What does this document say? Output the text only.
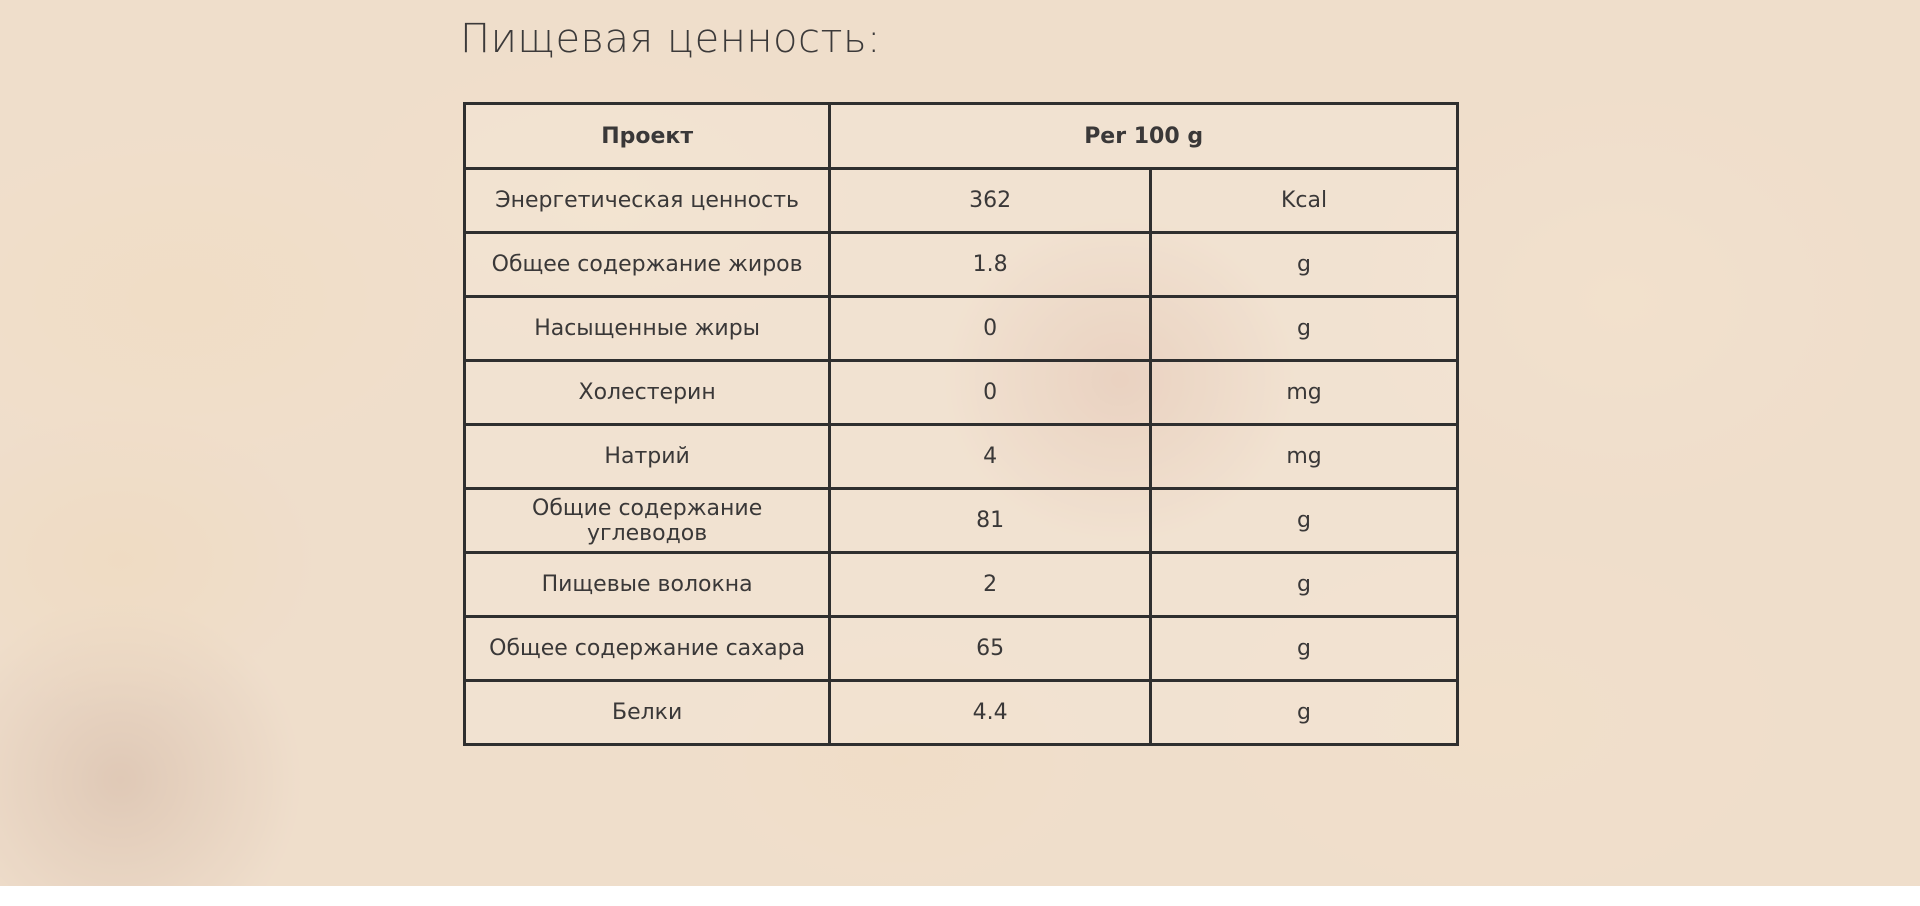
Пищевая ценность:
Проект	Per 100 g	
Энергетическая ценность	362	Kcal
Общее содержание жиров	1.8	g
Насыщенные жиры	0	g
Холестерин	0	mg
Натрий	4	mg
Общие содержание углеводов	81	g
Пищевые волокна	2	g
Общее содержание сахара	65	g
Белки	4.4	g
